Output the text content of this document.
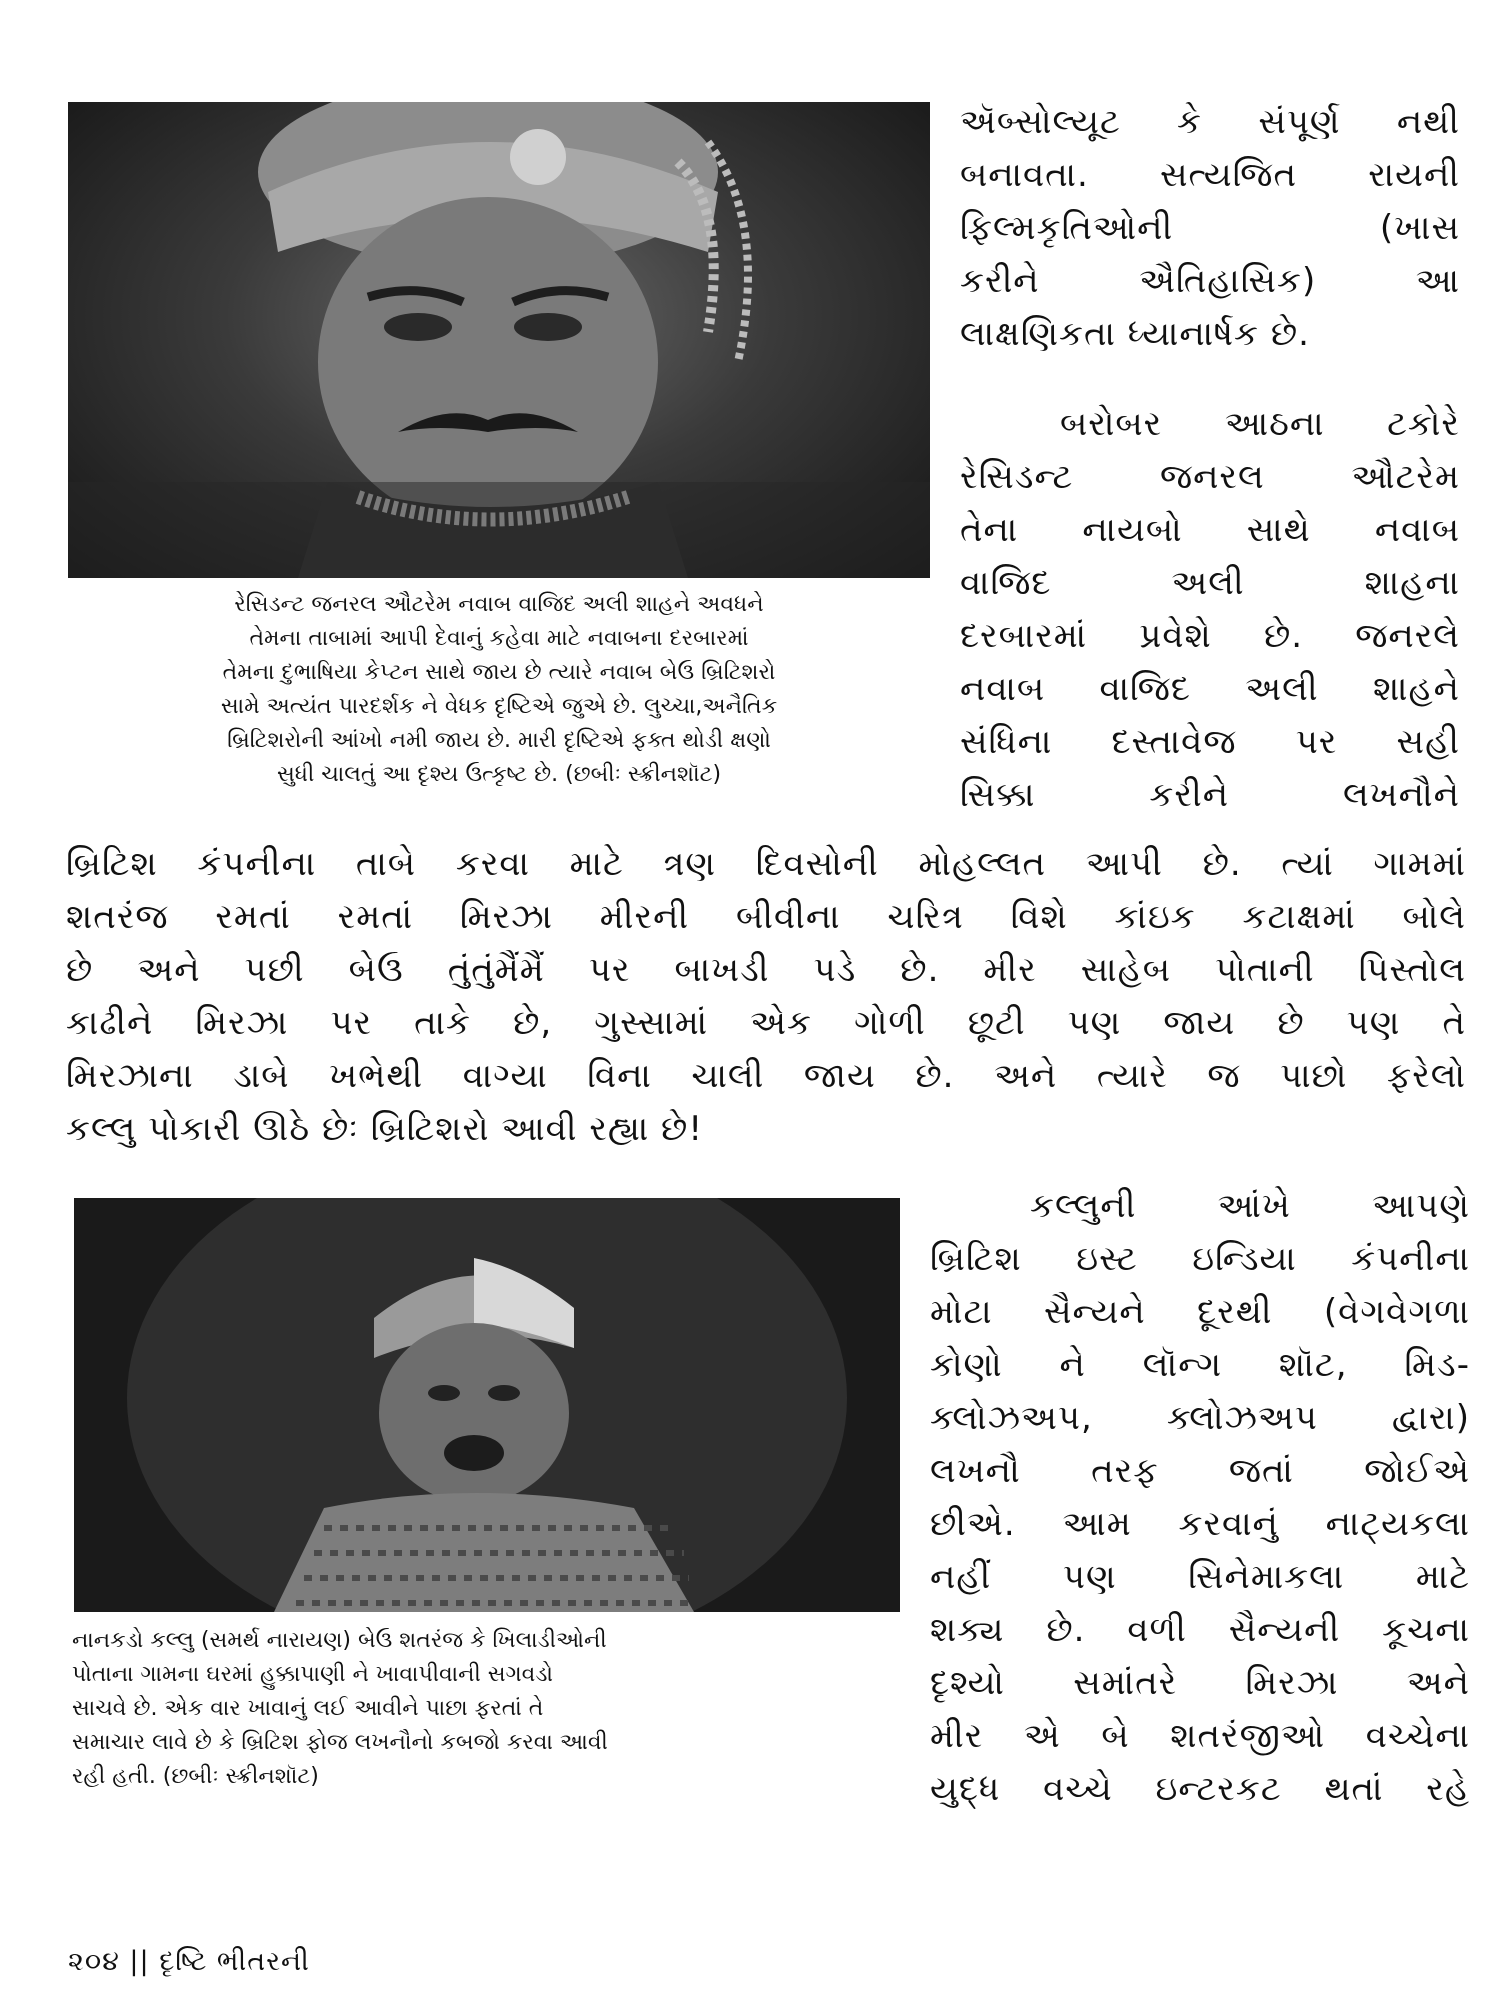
રેસિડન્ટ જનરલ ઔટરેમ નવાબ વાજિદ અલી શાહને અવધને
તેમના તાબામાં આપી દેવાનું કહેવા માટે નવાબના દરબારમાં
તેમના દુભાષિયા કેપ્ટન સાથે જાય છે ત્યારે નવાબ બેઉ બ્રિટિશરો
સામે અત્યંત પારદર્શક ને વેધક દૃષ્ટિએ જુએ છે. લુચ્ચા,અનૈતિક
બ્રિટિશરોની આંખો નમી જાય છે. મારી દૃષ્ટિએ ફક્ત થોડી ક્ષણો
સુધી ચાલતું આ દૃશ્ય ઉત્કૃષ્ટ છે. (છબીઃ સ્ક્રીનશૉટ)
ઍબ્સોલ્યૂટ કે સંપૂર્ણ નથી
બનાવતા. સત્યજિત રાયની
ફિલ્મકૃતિઓની (ખાસ
કરીને ઐતિહાસિક) આ
લાક્ષણિકતા ધ્યાનાર્ષક છે.
બરોબર આઠના ટકોરે
રેસિડન્ટ જનરલ ઔટરેમ
તેના નાયબો સાથે નવાબ
વાજિદ અલી શાહના
દરબારમાં પ્રવેશે છે. જનરલે
નવાબ વાજિદ અલી શાહને
સંધિના દસ્તાવેજ પર સહી
સિક્કા કરીને લખનૌને
બ્રિટિશ કંપનીના તાબે કરવા માટે ત્રણ દિવસોની મોહલ્લત આપી છે. ત્યાં ગામમાં
શતરંજ રમતાં રમતાં મિરઝા મીરની બીવીના ચરિત્ર વિશે કાંઇક કટાક્ષમાં બોલે
છે અને પછી બેઉ તુંતુંમૈંમૈં પર બાખડી પડે છે. મીર સાહેબ પોતાની પિસ્તોલ
કાઢીને મિરઝા પર તાકે છે, ગુસ્સામાં એક ગોળી છૂટી પણ જાય છે પણ તે
મિરઝાના ડાબે ખભેથી વાગ્યા વિના ચાલી જાય છે. અને ત્યારે જ પાછો ફરેલો
કલ્લુ પોકારી ઊઠે છેઃ બ્રિટિશરો આવી રહ્યા છે!
નાનકડો કલ્લુ (સમર્થ નારાયણ) બેઉ શતરંજ કે ખિલાડીઓની
પોતાના ગામના ઘરમાં હુક્કાપાણી ને ખાવાપીવાની સગવડો
સાચવે છે. એક વાર ખાવાનું લઈ આવીને પાછા ફરતાં તે
સમાચાર લાવે છે કે બ્રિટિશ ફોજ લખનૌનો કબજો કરવા આવી
રહી હતી. (છબીઃ સ્ક્રીનશૉટ)
કલ્લુની આંખે આપણે
બ્રિટિશ ઇસ્ટ ઇન્ડિયા કંપનીના
મોટા સૈન્યને દૂરથી (વેગવેગળા
કોણો ને લૉન્ગ શૉટ, મિડ-
ક્લોઝઅપ, ક્લોઝઅપ દ્વારા)
લખનૌ તરફ જતાં જોઈએ
છીએ. આમ કરવાનું નાટ્યકલા
નહીં પણ સિનેમાકલા માટે
શક્ય છે. વળી સૈન્યની કૂચના
દૃશ્યો સમાંતરે મિરઝા અને
મીર એ બે શતરંજીઓ વચ્ચેના
યુદ્ધ વચ્ચે ઇન્ટરકટ થતાં રહે
૨૦૪ || દૃષ્ટિ ભીતરની
